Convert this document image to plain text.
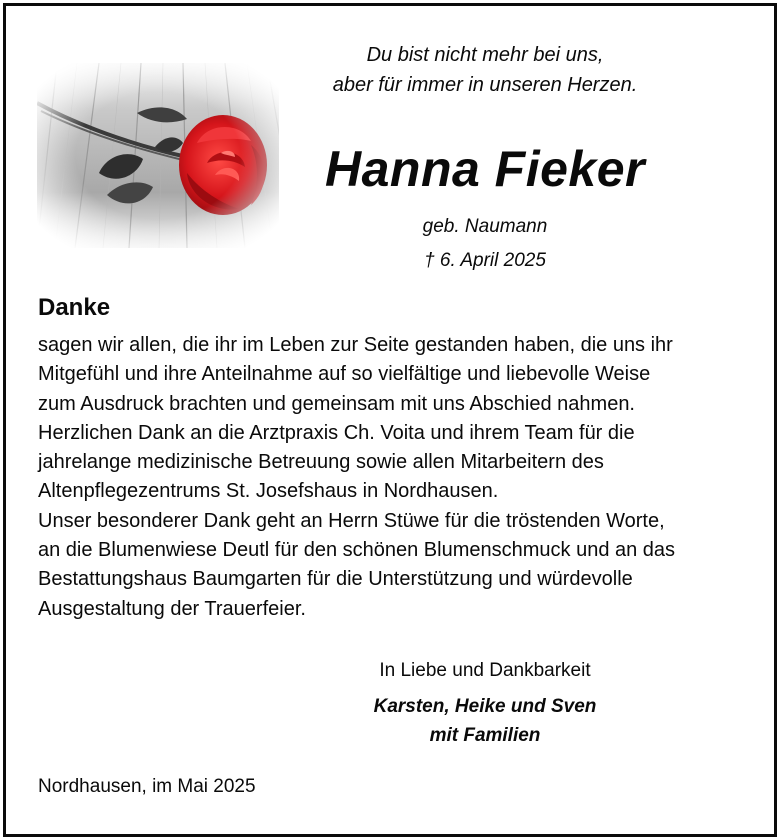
Du bist nicht mehr bei uns,
aber für immer in unseren Herzen.
Hanna Fieker
geb. Naumann
† 6. April 2025
Danke
sagen wir allen, die ihr im Leben zur Seite gestanden haben, die uns ihr
Mitgefühl und ihre Anteilnahme auf so vielfältige und liebevolle Weise
zum Ausdruck brachten und gemeinsam mit uns Abschied nahmen.
Herzlichen Dank an die Arztpraxis Ch. Voita und ihrem Team für die
jahrelange medizinische Betreuung sowie allen Mitarbeitern des
Altenpflegezentrums St. Josefshaus in Nordhausen.
Unser besonderer Dank geht an Herrn Stüwe für die tröstenden Worte,
an die Blumenwiese Deutl für den schönen Blumenschmuck und an das
Bestattungshaus Baumgarten für die Unterstützung und würdevolle
Ausgestaltung der Trauerfeier.
In Liebe und Dankbarkeit
Karsten, Heike und Sven
mit Familien
Nordhausen, im Mai 2025
